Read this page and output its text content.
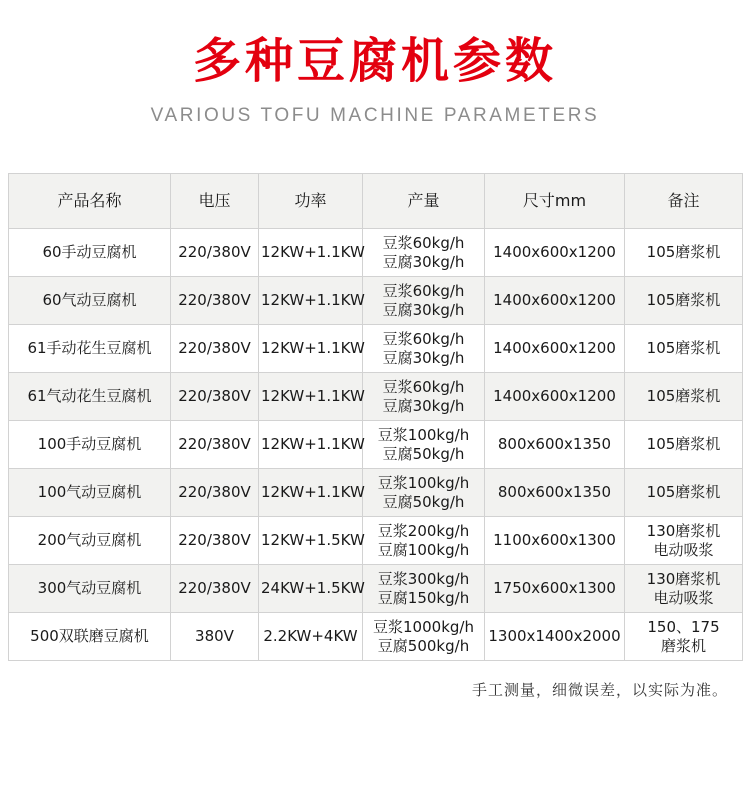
多种豆腐机参数
VARIOUS TOFU MACHINE PARAMETERS
产品名称	电压	功率	产量	尺寸mm	备注
60手动豆腐机	220/380V	12KW+1.1KW	豆浆60kg/h
豆腐30kg/h	1400x600x1200	105磨浆机

60气动豆腐机	220/380V	12KW+1.1KW	豆浆60kg/h
豆腐30kg/h	1400x600x1200	105磨浆机

61手动花生豆腐机	220/380V	12KW+1.1KW	豆浆60kg/h
豆腐30kg/h	1400x600x1200	105磨浆机

61气动花生豆腐机	220/380V	12KW+1.1KW	豆浆60kg/h
豆腐30kg/h	1400x600x1200	105磨浆机

100手动豆腐机	220/380V	12KW+1.1KW	豆浆100kg/h
豆腐50kg/h	800x600x1350	105磨浆机

100气动豆腐机	220/380V	12KW+1.1KW	豆浆100kg/h
豆腐50kg/h	800x600x1350	105磨浆机

200气动豆腐机	220/380V	12KW+1.5KW	豆浆200kg/h
豆腐100kg/h	1100x600x1300	130磨浆机
电动吸浆

300气动豆腐机	220/380V	24KW+1.5KW	豆浆300kg/h
豆腐150kg/h	1750x600x1300	130磨浆机
电动吸浆

500双联磨豆腐机	380V	2.2KW+4KW	豆浆1000kg/h
豆腐500kg/h	1300x1400x2000	150、175
磨浆机
手工测量，细微误差，以实际为准。
